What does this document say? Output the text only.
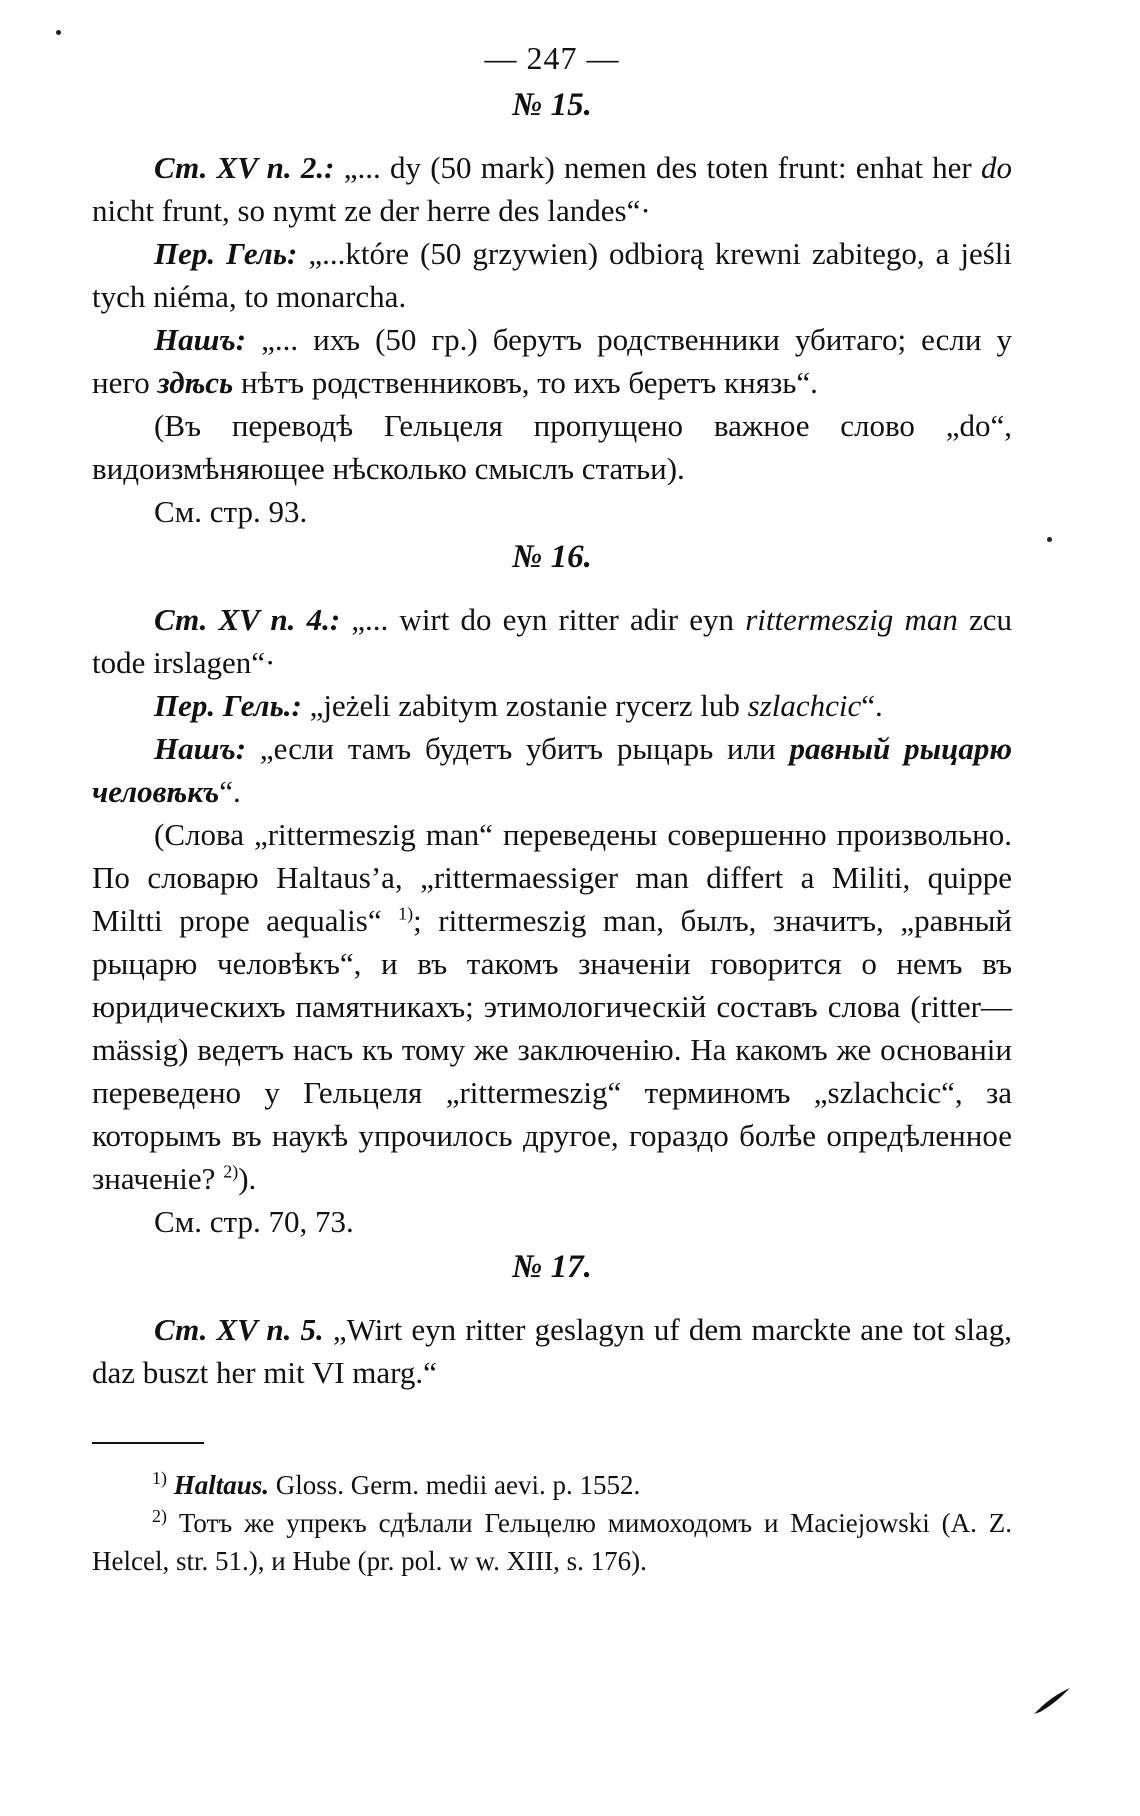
— 247 —
№ 15.

Ст. XV п. 2.: „... dy (50 mark) nemen des toten frunt: enhat her do nicht frunt, so nymt ze der herre des landes“·

Пер. Гель: „...które (50 grzywien) odbiorą krewni zabitego, a jeśli tych niéma, to monarcha.

Нашъ: „... ихъ (50 гр.) берутъ родственники убитаго; если у него здѣсь нѣтъ родственниковъ, то ихъ беретъ князь“.

(Въ переводѣ Гельцеля пропущено важное слово „do“, видоизмѣняющее нѣсколько смыслъ статьи).

См. стр. 93.

№ 16.

Ст. XV п. 4.: „... wirt do eyn ritter adir eyn rittermeszig man zcu tode irslagen“·

Пер. Гель.: „jeżeli zabitym zostanie rycerz lub szlachcic“.

Нашъ: „если тамъ будетъ убитъ рыцарь или равный рыцарю человѣкъ“.

(Слова „rittermeszig man“ переведены совершенно произвольно. По словарю Haltaus’a, „rittermaessiger man differt a Militi, quippe Miltti prope aequalis“ $^{1)}$; rittermeszig man, былъ, значитъ, „равный рыцарю человѣкъ“, и въ такомъ значеніи говорится о немъ въ юридическихъ памятникахъ; этимологическій составъ слова (ritter—mässig) ведетъ насъ къ тому же заключенію. На какомъ же основаніи переведено у Гельцеля „rittermeszig“ терминомъ „szlachcic“, за которымъ въ наукѣ упрочилось другое, гораздо болѣе опредѣленное значеніе? $^{2)}$).

См. стр. 70, 73.

№ 17.

Ст. XV п. 5. „Wirt eyn ritter geslagyn uf dem marckte ane tot slag, daz buszt her mit VI marg.“

$^{1)}$ Haltaus. Gloss. Germ. medii aevi. p. 1552.

$^{2)}$ Тотъ же упрекъ сдѣлали Гельцелю мимоходомъ и Maciejowski (A. Z. Helcel, str. 51.), и Hube (pr. pol. w w. XIII, s. 176).
